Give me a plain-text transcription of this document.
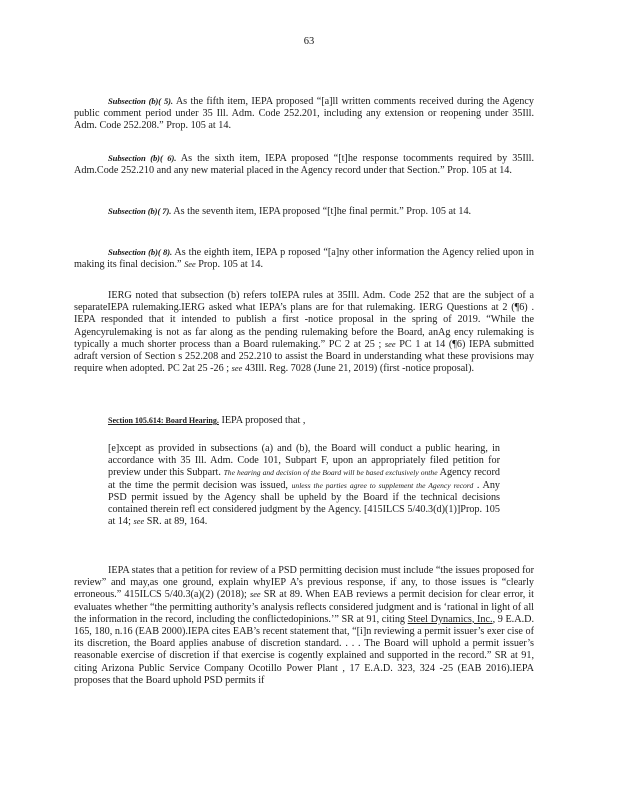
63

Subsection (b)( 5). As the fifth item, IEPA proposed “[a]ll written comments received during the Agency public comment period under 35 Ill. Adm. Code 252.201, including any extension or reopening under 35Ill. Adm. Code 252.208.” Prop. 105 at 14.

Subsection (b)( 6). As the sixth item, IEPA proposed “[t]he response tocomments required by 35Ill. Adm.Code 252.210 and any new material placed in the Agency record under that Section.” Prop. 105 at 14.

Subsection (b)( 7). As the seventh item, IEPA proposed “[t]he final permit.” Prop. 105 at 14.

Subsection (b)( 8). As the eighth item, IEPA p roposed “[a]ny other information the Agency relied upon in making its final decision.” See Prop. 105 at 14.

IERG noted that subsection (b) refers toIEPA rules at 35Ill. Adm. Code 252 that are the subject of a separateIEPA rulemaking.IERG asked what IEPA’s plans are for that rulemaking. IERG Questions at 2 (¶6) . IEPA responded that it intended to publish a first -notice proposal in the spring of 2019. “While the Agencyrulemaking is not as far along as the pending rulemaking before the Board, anAg ency rulemaking is typically a much shorter process than a Board rulemaking.” PC 2 at 25 ; see PC 1 at 14 (¶6) IEPA submitted adraft version of Section s 252.208 and 252.210 to assist the Board in understanding what these provisions may require when adopted. PC 2at 25 -26 ; see 43Ill. Reg. 7028 (June 21, 2019) (first -notice proposal).

Section 105.614: Board Hearing. IEPA proposed that ,

[e]xcept as provided in subsections (a) and (b), the Board will conduct a public hearing, in accordance with 35 Ill. Adm. Code 101, Subpart F, upon an appropriately filed petition for preview under this Subpart. The hearing and decision of the Board will be based exclusively onthe Agency record at the time the permit decision was issued, unless the parties agree to supplement the Agency record . Any PSD permit issued by the Agency shall be upheld by the Board if the technical decisions contained therein refl ect considered judgment by the Agency. [415ILCS 5/40.3(d)(1)]Prop. 105 at 14; see SR. at 89, 164.

IEPA states that a petition for review of a PSD permitting decision must include “the issues proposed for review” and may,as one ground, explain whyIEP A’s previous response, if any, to those issues is “clearly erroneous.” 415ILCS 5/40.3(a)(2) (2018); see SR at 89. When EAB reviews a permit decision for clear error, it evaluates whether “the permitting authority’s analysis reflects considered judgment and is ‘rational in light of all the information in the record, including the conflictedopinions.’” SR at 91, citing Steel Dynamics, Inc., 9 E.A.D. 165, 180, n.16 (EAB 2000).IEPA cites EAB’s recent statement that, “[i]n reviewing a permit issuer’s exer cise of its discretion, the Board applies anabuse of discretion standard. . . . The Board will uphold a permit issuer’s reasonable exercise of discretion if that exercise is cogently explained and supported in the record.” SR at 91, citing Arizona Public Service Company Ocotillo Power Plant , 17 E.A.D. 323, 324 -25 (EAB 2016).IEPA proposes that the Board uphold PSD permits if
